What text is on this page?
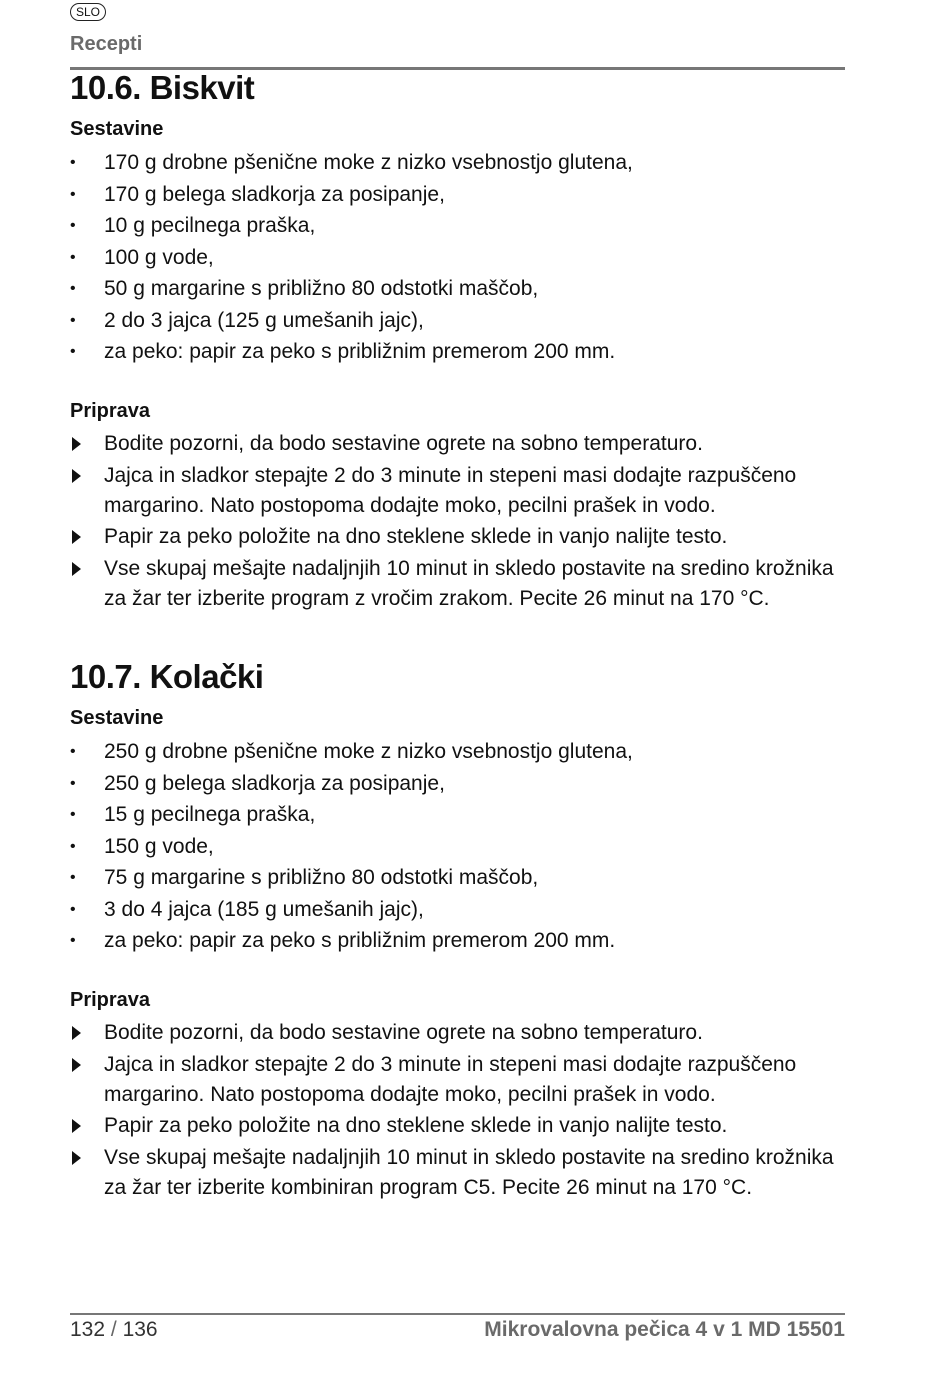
SLO
Recepti
10.6. Biskvit
Sestavine
• 170 g drobne pšenične moke z nizko vsebnostjo glutena,
• 170 g belega sladkorja za posipanje,
• 10 g pecilnega praška,
• 100 g vode,
• 50 g margarine s približno 80 odstotki maščob,
• 2 do 3 jajca (125 g umešanih jajc),
• za peko: papir za peko s približnim premerom 200 mm.
Priprava
Bodite pozorni, da bodo sestavine ogrete na sobno temperaturo.
Jajca in sladkor stepajte 2 do 3 minute in stepeni masi dodajte razpuščeno margarino. Nato postopoma dodajte moko, pecilni prašek in vodo.
Papir za peko položite na dno steklene sklede in vanjo nalijte testo.
Vse skupaj mešajte nadaljnjih 10 minut in skledo postavite na sredino krožnika za žar ter izberite program z vročim zrakom. Pecite 26 minut na 170 °C.
10.7. Kolački
Sestavine
• 250 g drobne pšenične moke z nizko vsebnostjo glutena,
• 250 g belega sladkorja za posipanje,
• 15 g pecilnega praška,
• 150 g vode,
• 75 g margarine s približno 80 odstotki maščob,
• 3 do 4 jajca (185 g umešanih jajc),
• za peko: papir za peko s približnim premerom 200 mm.
Priprava
Bodite pozorni, da bodo sestavine ogrete na sobno temperaturo.
Jajca in sladkor stepajte 2 do 3 minute in stepeni masi dodajte razpuščeno margarino. Nato postopoma dodajte moko, pecilni prašek in vodo.
Papir za peko položite na dno steklene sklede in vanjo nalijte testo.
Vse skupaj mešajte nadaljnjih 10 minut in skledo postavite na sredino krožnika za žar ter izberite kombiniran program C5. Pecite 26 minut na 170 °C.
132 / 136	Mikrovalovna pečica 4 v 1 MD 15501
